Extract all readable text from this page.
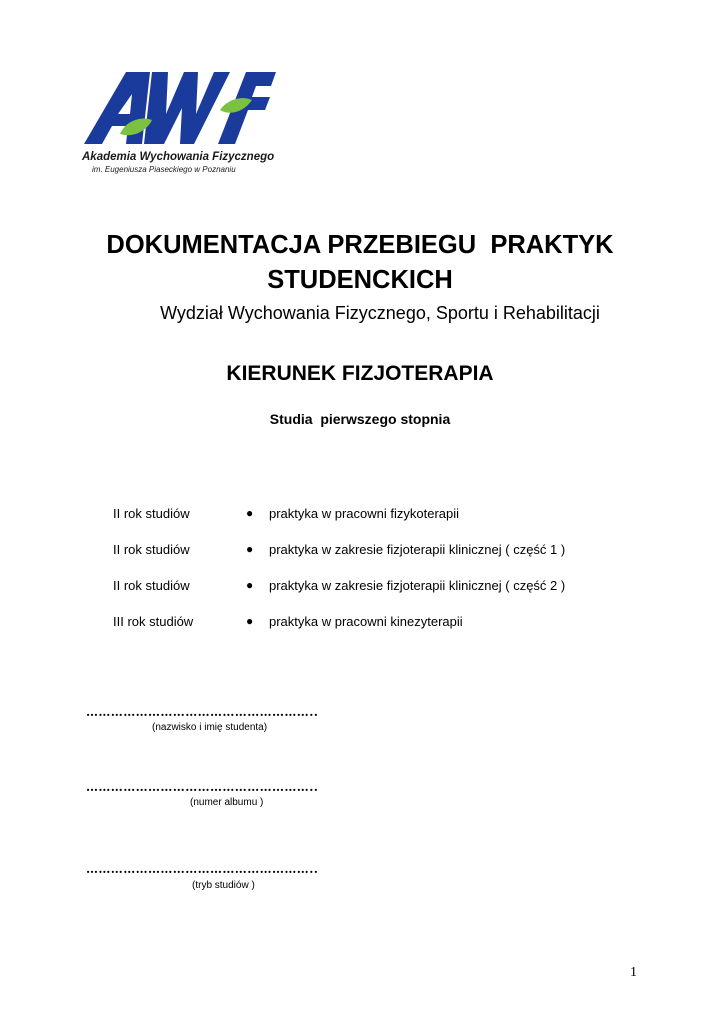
Akademia Wychowania Fizycznego
im. Eugeniusza Piaseckiego w Poznaniu
DOKUMENTACJA PRZEBIEGU  PRAKTYK
STUDENCKICH
Wydział Wychowania Fizycznego, Sportu i Rehabilitacji
KIERUNEK FIZJOTERAPIA
Studia  pierwszego stopnia
II rok studiów	● praktyka w pracowni fizykoterapii
II rok studiów	● praktyka w zakresie fizjoterapii klinicznej ( część 1 )
II rok studiów	● praktyka w zakresie fizjoterapii klinicznej ( część 2 )
III rok studiów	● praktyka w pracowni kinezyterapii
………………………………………………..
(nazwisko i imię studenta)
………………………………………………..
(numer albumu )
………………………………………………..
(tryb studiów )
1
